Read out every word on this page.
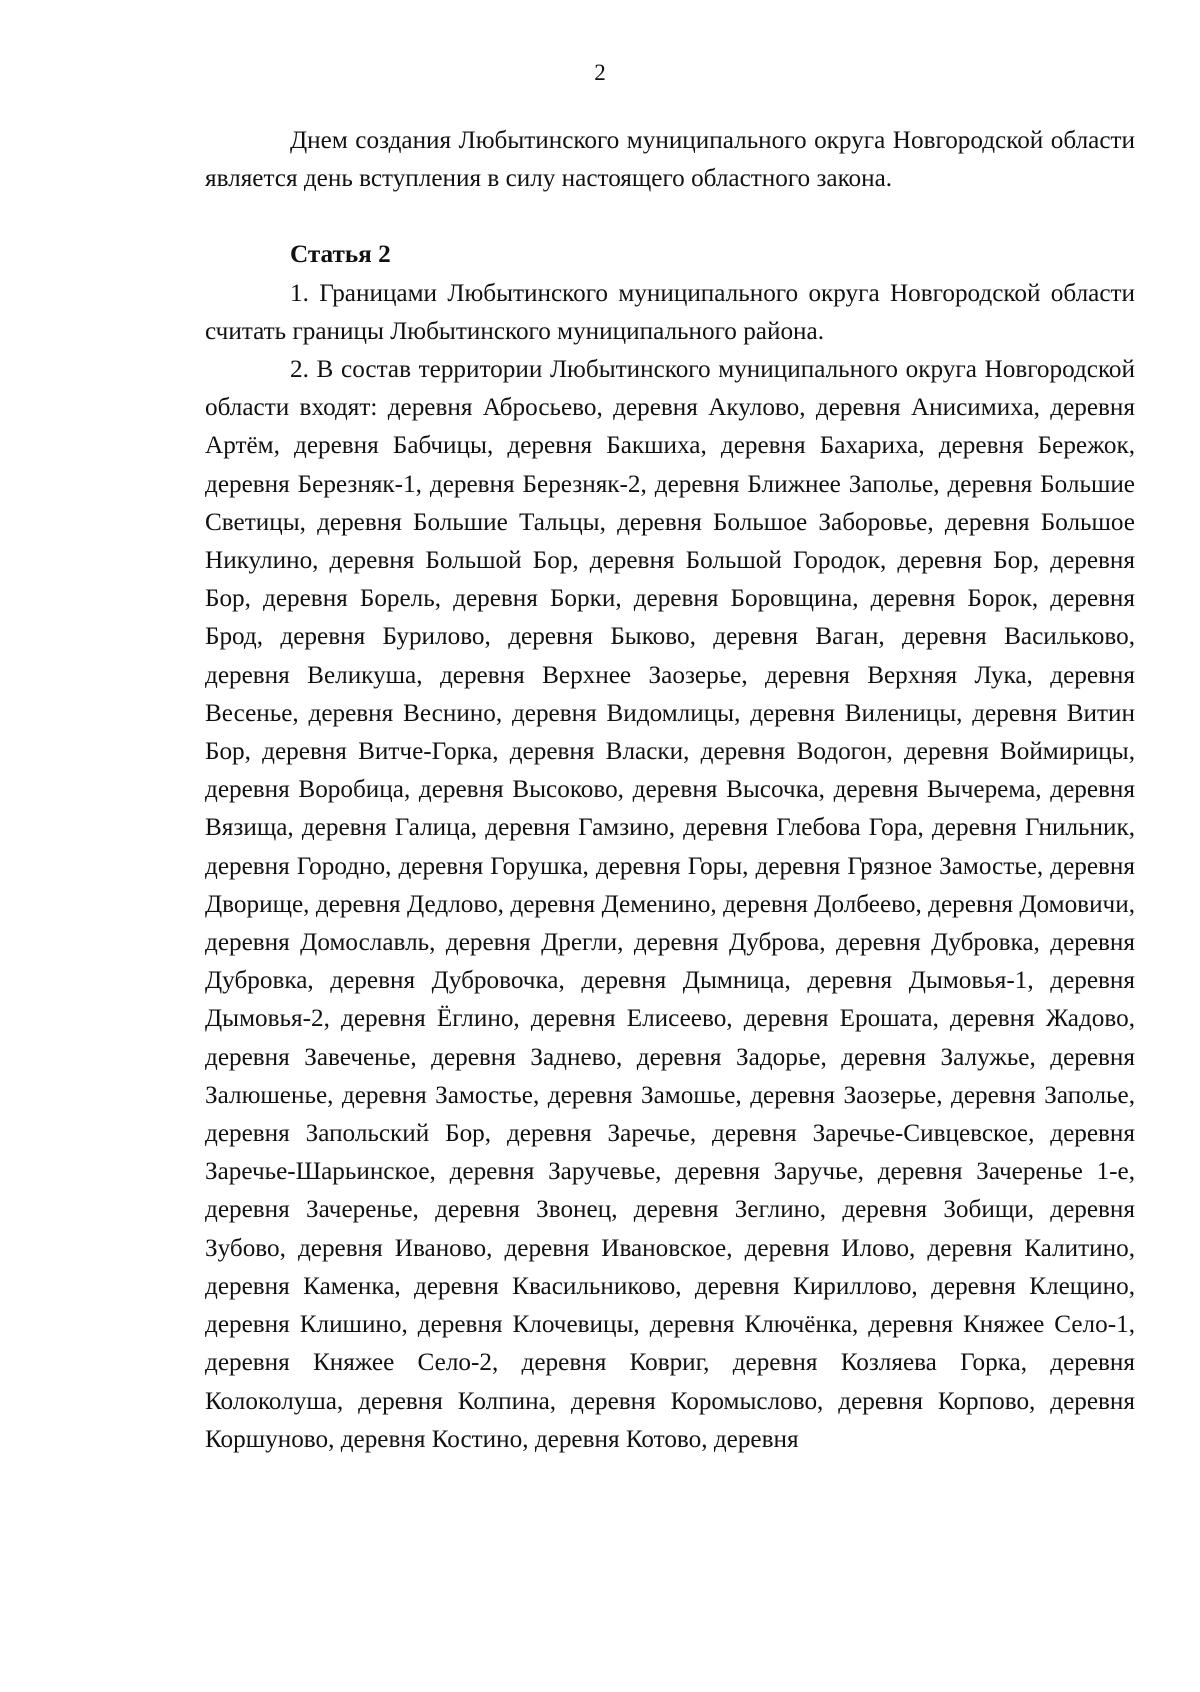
2

Днем создания Любытинского муниципального округа Новгородской области является день вступления в силу настоящего областного закона.

Статья 2

1. Границами Любытинского муниципального округа Новгородской области считать границы Любытинского муниципального района.

2. В состав территории Любытинского муниципального округа Новгородской области входят: деревня Абросьево, деревня Акулово, деревня Анисимиха, деревня Артём, деревня Бабчицы, деревня Бакшиха, деревня Бахариха, деревня Бережок, деревня Березняк-1, деревня Березняк-2, деревня Ближнее Заполье, деревня Большие Светицы, деревня Большие Тальцы, деревня Большое Заборовье, деревня Большое Никулино, деревня Большой Бор, деревня Большой Городок, деревня Бор, деревня Бор, деревня Борель, деревня Борки, деревня Боровщина, деревня Борок, деревня Брод, деревня Бурилово, деревня Быково, деревня Ваган, деревня Васильково, деревня Великуша, деревня Верхнее Заозерье, деревня Верхняя Лука, деревня Весенье, деревня Веснино, деревня Видомлицы, деревня Виленицы, деревня Витин Бор, деревня Витче-Горка, деревня Власки, деревня Водогон, деревня Воймирицы, деревня Воробица, деревня Высоково, деревня Высочка, деревня Вычерема, деревня Вязища, деревня Галица, деревня Гамзино, деревня Глебова Гора, деревня Гнильник, деревня Городно, деревня Горушка, деревня Горы, деревня Грязное Замостье, деревня Дворище, деревня Дедлово, деревня Деменино, деревня Долбеево, деревня Домовичи, деревня Домославль, деревня Дрегли, деревня Дуброва, деревня Дубровка, деревня Дубровка, деревня Дубровочка, деревня Дымница, деревня Дымовья-1, деревня Дымовья-2, деревня Ёглино, деревня Елисеево, деревня Ерошата, деревня Жадово, деревня Завеченье, деревня Заднево, деревня Задорье, деревня Залужье, деревня Залюшенье, деревня Замостье, деревня Замошье, деревня Заозерье, деревня Заполье, деревня Запольский Бор, деревня Заречье, деревня Заречье-Сивцевское, деревня Заречье-Шарьинское, деревня Заручевье, деревня Заручье, деревня Зачеренье 1-е, деревня Зачеренье, деревня Звонец, деревня Зеглино, деревня Зобищи, деревня Зубово, деревня Иваново, деревня Ивановское, деревня Илово, деревня Калитино, деревня Каменка, деревня Квасильниково, деревня Кириллово, деревня Клещино, деревня Клишино, деревня Клочевицы, деревня Ключёнка, деревня Княжее Село-1, деревня Княжее Село-2, деревня Ковриг, деревня Козляева Горка, деревня Колоколуша, деревня Колпина, деревня Коромыслово, деревня Корпово, деревня Коршуново, деревня Костино, деревня Котово, деревня
